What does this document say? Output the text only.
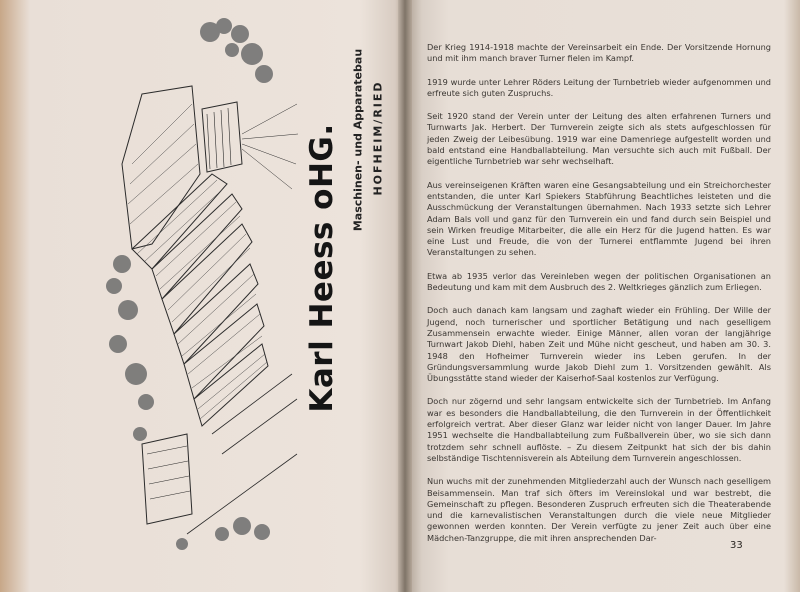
Karl Heess oHG. Maschinen- und Apparatebau HOFHEIM/RIED

Der Krieg 1914-1918 machte der Vereinsarbeit ein Ende. Der Vorsitzende Hornung und mit ihm manch braver Turner fielen im Kampf.

1919 wurde unter Lehrer Röders Leitung der Turnbetrieb wieder aufgenommen und erfreute sich guten Zuspruchs.

Seit 1920 stand der Verein unter der Leitung des alten erfahrenen Turners und Turnwarts Jak. Herbert. Der Turnverein zeigte sich als stets aufgeschlossen für jeden Zweig der Leibesübung. 1919 war eine Damenriege aufgestellt worden und bald entstand eine Handballabteilung. Man versuchte sich auch mit Fußball. Der eigentliche Turnbetrieb war sehr wechselhaft.

Aus vereinseigenen Kräften waren eine Gesangsabteilung und ein Streichorchester entstanden, die unter Karl Spiekers Stabführung Beachtliches leisteten und die Ausschmückung der Veranstaltungen übernahmen. Nach 1933 setzte sich Lehrer Adam Bals voll und ganz für den Turnverein ein und fand durch sein Beispiel und sein Wirken freudige Mitarbeiter, die alle ein Herz für die Jugend hatten. Es war eine Lust und Freude, die von der Turnerei entflammte Jugend bei ihren Veranstaltungen zu sehen.

Etwa ab 1935 verlor das Vereinleben wegen der politischen Organisationen an Bedeutung und kam mit dem Ausbruch des 2. Weltkrieges gänzlich zum Erliegen.

Doch auch danach kam langsam und zaghaft wieder ein Frühling. Der Wille der Jugend, noch turnerischer und sportlicher Betätigung und nach geselligem Zusammensein erwachte wieder. Einige Männer, allen voran der langjährige Turnwart Jakob Diehl, haben Zeit und Mühe nicht gescheut, und haben am 30. 3. 1948 den Hofheimer Turnverein wieder ins Leben gerufen. In der Gründungsversammlung wurde Jakob Diehl zum 1. Vorsitzenden gewählt. Als Übungsstätte stand wieder der Kaiserhof-Saal kostenlos zur Verfügung.

Doch nur zögernd und sehr langsam entwickelte sich der Turnbetrieb. Im Anfang war es besonders die Handballabteilung, die den Turnverein in der Öffentlichkeit erfolgreich vertrat. Aber dieser Glanz war leider nicht von langer Dauer. Im Jahre 1951 wechselte die Handballabteilung zum Fußballverein über, wo sie sich dann trotzdem sehr schnell auflöste. – Zu diesem Zeitpunkt hat sich der bis dahin selbständige Tischtennisverein als Abteilung dem Turnverein angeschlossen.

Nun wuchs mit der zunehmenden Mitgliederzahl auch der Wunsch nach geselligem Beisammensein. Man traf sich öfters im Vereinslokal und war bestrebt, die Gemeinschaft zu pflegen. Besonderen Zuspruch erfreuten sich die Theaterabende und die karnevalistischen Veranstaltungen durch die viele neue Mitglieder gewonnen werden konnten. Der Verein verfügte zu jener Zeit auch über eine Mädchen-Tanzgruppe, die mit ihren ansprechenden Dar-

33
